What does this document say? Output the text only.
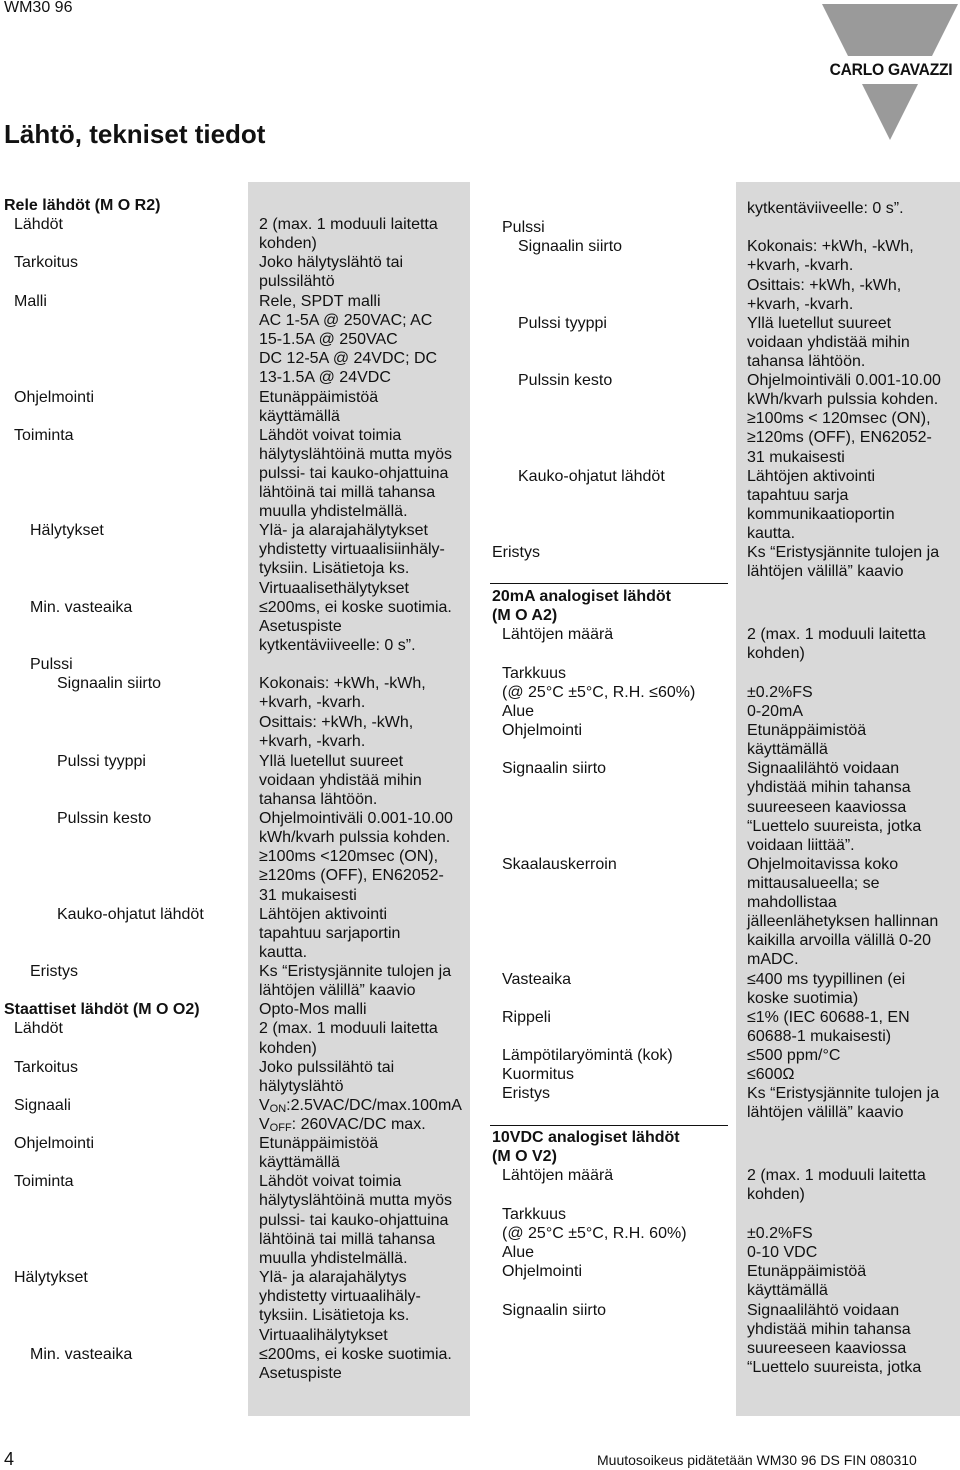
WM30 96
CARLO GAVAZZI
Lähtö, tekniset tiedot
Rele lähdöt (M O R2)
Lähdöt
Tarkoitus
Malli
Ohjelmointi
Toiminta
Hälytykset
Min. vasteaika
Pulssi
Signaalin siirto
Pulssi tyyppi
Pulssin kesto
Kauko-ohjatut lähdöt
Eristys
Staattiset lähdöt (M O O2)
Lähdöt
Tarkoitus
Signaali
Ohjelmointi
Toiminta
Hälytykset
Min. vasteaika
2 (max. 1 moduuli laitetta
kohden)
Joko hälytyslähtö tai
pulssilähtö
Rele, SPDT malli
AC 1-5A @ 250VAC; AC
15-1.5A @ 250VAC
DC 12-5A @ 24VDC; DC
13-1.5A @ 24VDC
Etunäppäimistöä
käyttämällä
Lähdöt voivat toimia
hälytyslähtöinä mutta myös
pulssi- tai kauko-ohjattuina
lähtöinä tai millä tahansa
muulla yhdistelmällä.
Ylä- ja alarajahälytykset
yhdistetty virtuaalisiinhäly-
tyksiin. Lisätietoja ks.
Virtuaalisethälytykset
≤200ms, ei koske suotimia.
Asetuspiste
kytkentäviiveelle: 0 s”.
Kokonais: +kWh, -kWh,
+kvarh, -kvarh.
Osittais: +kWh, -kWh,
+kvarh, -kvarh.
Yllä luetellut suureet
voidaan yhdistää mihin
tahansa lähtöön.
Ohjelmointiväli 0.001-10.00
kWh/kvarh pulssia kohden.
≥100ms <120msec (ON),
≥120ms (OFF), EN62052-
31 mukaisesti
Lähtöjen aktivointi
tapahtuu sarjaportin
kautta.
Ks “Eristysjännite tulojen ja
lähtöjen välillä” kaavio
Opto-Mos malli
2 (max. 1 moduuli laitetta
kohden)
Joko pulssilähtö tai
hälytyslähtö
$V_{ON}:2.5VAC/DC/\max.100mA$
$V_{OFF}$: 260VAC/DC max.
Etunäppäimistöä
käyttämällä
Lähdöt voivat toimia
hälytyslähtöinä mutta myös
pulssi- tai kauko-ohjattuina
lähtöinä tai millä tahansa
muulla yhdistelmällä.
Ylä- ja alarajahälytys
yhdistetty virtuaalihäly-
tyksiin. Lisätietoja ks.
Virtuaalihälytykset
≤200ms, ei koske suotimia.
Asetuspiste
Pulssi
Signaalin siirto
Pulssi tyyppi
Pulssin kesto
Kauko-ohjatut lähdöt
Eristys
20mA analogiset lähdöt
(M O A2)
Lähtöjen määrä
Tarkkuus
(@ 25°C ±5°C, R.H. ≤60%)
Alue
Ohjelmointi
Signaalin siirto
Skaalauskerroin
Vasteaika
Rippeli
Lämpötilaryömintä (kok)
Kuormitus
Eristys
10VDC analogiset lähdöt
(M O V2)
Lähtöjen määrä
Tarkkuus
(@ 25°C ±5°C, R.H. 60%)
Alue
Ohjelmointi
Signaalin siirto
kytkentäviiveelle: 0 s”.
Kokonais: +kWh, -kWh,
+kvarh, -kvarh.
Osittais: +kWh, -kWh,
+kvarh, -kvarh.
Yllä luetellut suureet
voidaan yhdistää mihin
tahansa lähtöön.
Ohjelmointiväli 0.001-10.00
kWh/kvarh pulssia kohden.
≥100ms < 120msec (ON),
≥120ms (OFF), EN62052-
31 mukaisesti
Lähtöjen aktivointi
tapahtuu sarja
kommunikaatioportin
kautta.
Ks “Eristysjännite tulojen ja
lähtöjen välillä” kaavio
2 (max. 1 moduuli laitetta
kohden)
±0.2%FS
0-20mA
Etunäppäimistöä
käyttämällä
Signaalilähtö voidaan
yhdistää mihin tahansa
suureeseen kaaviossa
“Luettelo suureista, jotka
voidaan liittää”.
Ohjelmoitavissa koko
mittausalueella; se
mahdollistaa
jälleenlähetyksen hallinnan
kaikilla arvoilla välillä 0-20
mADC.
≤400 ms tyypillinen (ei
koske suotimia)
≤1% (IEC 60688-1, EN
60688-1 mukaisesti)
≤500 ppm/°C
≤600Ω
Ks “Eristysjännite tulojen ja
lähtöjen välillä” kaavio
2 (max. 1 moduuli laitetta
kohden)
±0.2%FS
0-10 VDC
Etunäppäimistöä
käyttämällä
Signaalilähtö voidaan
yhdistää mihin tahansa
suureeseen kaaviossa
“Luettelo suureista, jotka
4	Muutosoikeus pidätetään WM30 96 DS FIN 080310
